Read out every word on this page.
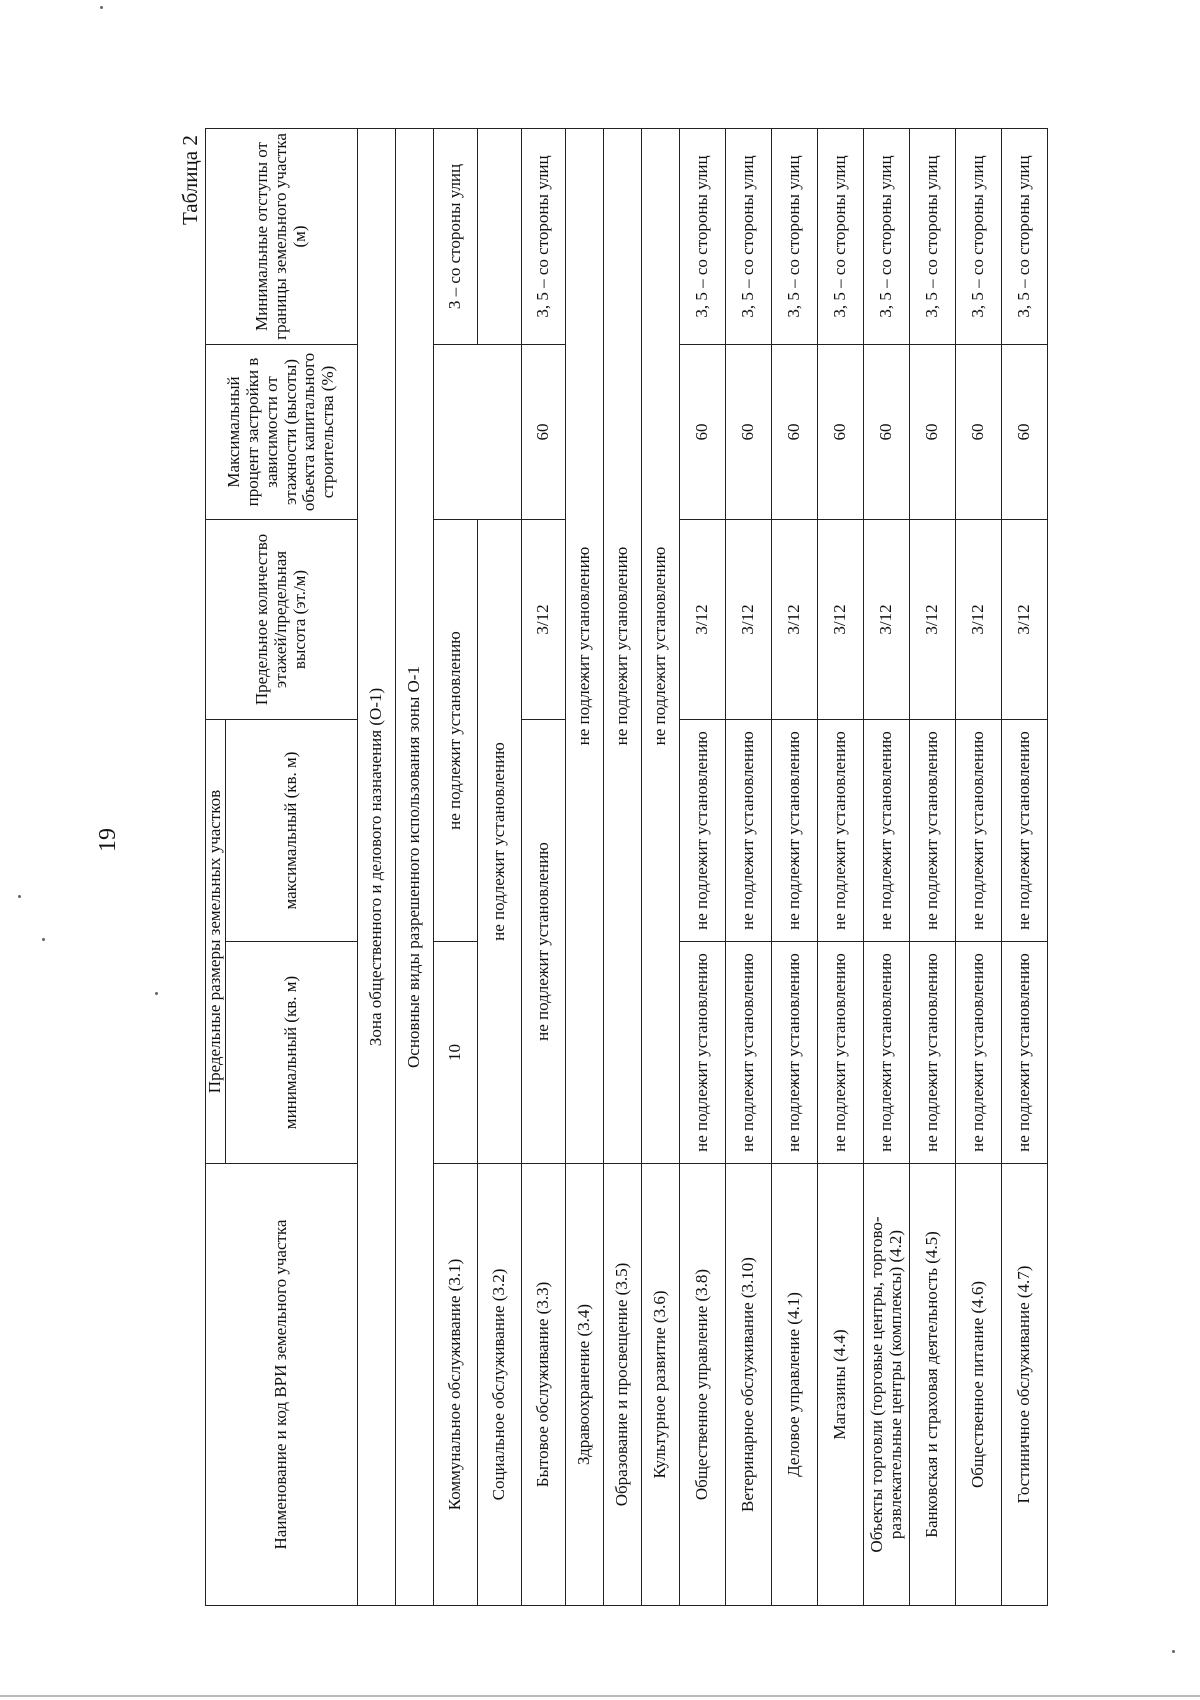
19
Таблица 2
Наименование и код ВРИ земельного участка	Предельные размеры земельных участков		Предельное количество этажей/предельная высота (эт./м)	Максимальный процент застройки в зависимости от этажности (высоты) объекта капитального строительства (%)	Минимальные отступы от границы земельного участка (м)
	минимальный (кв. м)	максимальный (кв. м)			
Зона общественного и делового назначения (О-1)					
Основные виды разрешенного использования зоны О-1					
Коммунальное обслуживание (3.1)	10	не подлежит установлению			3 – со стороны улиц
Социальное обслуживание (3.2)	не подлежит установлению				
Бытовое обслуживание (3.3)	не подлежит установлению		3/12	60	3, 5 – со стороны улиц
Здравоохранение (3.4)	не подлежит установлению				
Образование и просвещение (3.5)	не подлежит установлению				
Культурное развитие (3.6)	не подлежит установлению				
Общественное управление (3.8)	не подлежит установлению	не подлежит установлению	3/12	60	3, 5 – со стороны улиц
Ветеринарное обслуживание (3.10)	не подлежит установлению	не подлежит установлению	3/12	60	3, 5 – со стороны улиц
Деловое управление (4.1)	не подлежит установлению	не подлежит установлению	3/12	60	3, 5 – со стороны улиц
Магазины (4.4)	не подлежит установлению	не подлежит установлению	3/12	60	3, 5 – со стороны улиц
Объекты торговли (торговые центры, торгово-развлекательные центры (комплексы) (4.2)	не подлежит установлению	не подлежит установлению	3/12	60	3, 5 – со стороны улиц
Банковская и страховая деятельность (4.5)	не подлежит установлению	не подлежит установлению	3/12	60	3, 5 – со стороны улиц
Общественное питание (4.6)	не подлежит установлению	не подлежит установлению	3/12	60	3, 5 – со стороны улиц
Гостиничное обслуживание (4.7)	не подлежит установлению	не подлежит установлению	3/12	60	3, 5 – со стороны улиц
